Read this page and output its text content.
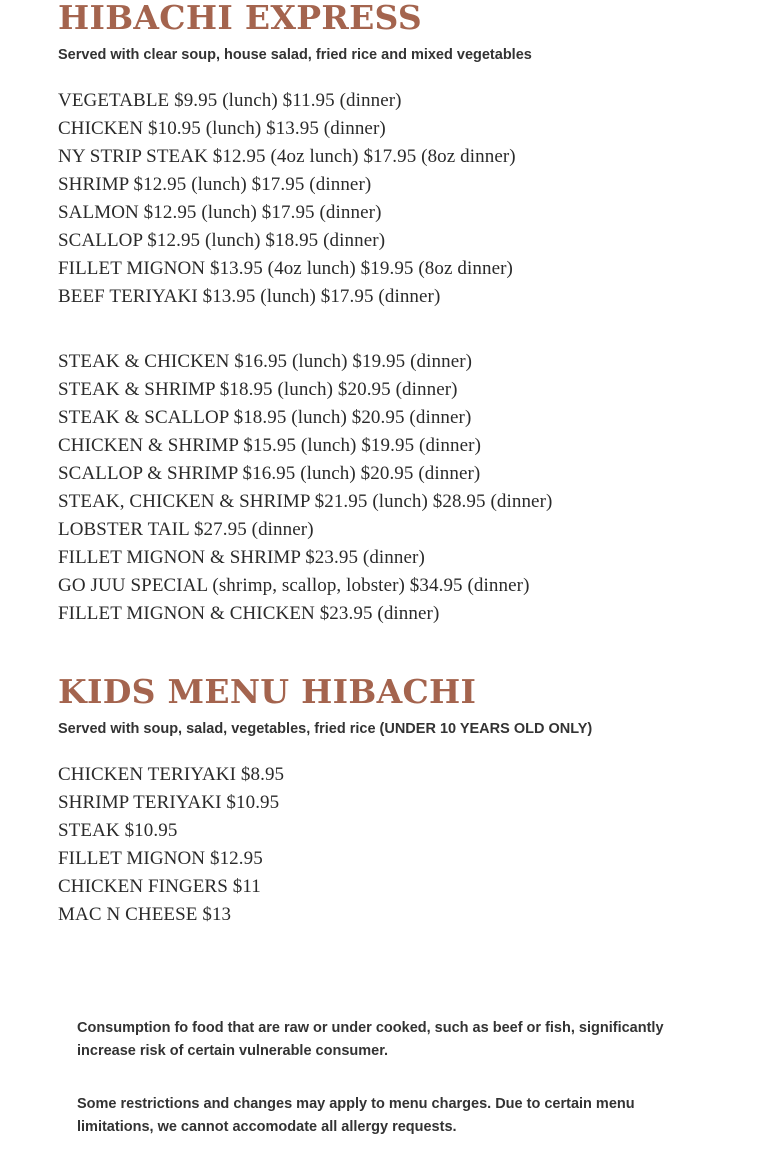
HIBACHI EXPRESS

Served with clear soup, house salad, fried rice and mixed vegetables

VEGETABLE $9.95 (lunch) $11.95 (dinner)
CHICKEN $10.95 (lunch) $13.95 (dinner)
NY STRIP STEAK $12.95 (4oz lunch) $17.95 (8oz dinner)
SHRIMP $12.95 (lunch) $17.95 (dinner)
SALMON $12.95 (lunch) $17.95 (dinner)
SCALLOP $12.95 (lunch) $18.95 (dinner)
FILLET MIGNON $13.95 (4oz lunch) $19.95 (8oz dinner)
BEEF TERIYAKI $13.95 (lunch) $17.95 (dinner)
STEAK & CHICKEN $16.95 (lunch) $19.95 (dinner)
STEAK & SHRIMP $18.95 (lunch) $20.95 (dinner)
STEAK & SCALLOP $18.95 (lunch) $20.95 (dinner)
CHICKEN & SHRIMP $15.95 (lunch) $19.95 (dinner)
SCALLOP & SHRIMP $16.95 (lunch) $20.95 (dinner)
STEAK, CHICKEN & SHRIMP $21.95 (lunch) $28.95 (dinner)
LOBSTER TAIL $27.95 (dinner)
FILLET MIGNON & SHRIMP $23.95 (dinner)
GO JUU SPECIAL (shrimp, scallop, lobster) $34.95 (dinner)
FILLET MIGNON & CHICKEN $23.95 (dinner)
KIDS MENU HIBACHI

Served with soup, salad, vegetables, fried rice (UNDER 10 YEARS OLD ONLY)

CHICKEN TERIYAKI $8.95
SHRIMP TERIYAKI $10.95
STEAK $10.95
FILLET MIGNON $12.95
CHICKEN FINGERS $11
MAC N CHEESE $13

Consumption fo food that are raw or under cooked, such as beef or fish, significantly increase risk of certain vulnerable consumer.

Some restrictions and changes may apply to menu charges. Due to certain menu limitations, we cannot accomodate all allergy requests.
